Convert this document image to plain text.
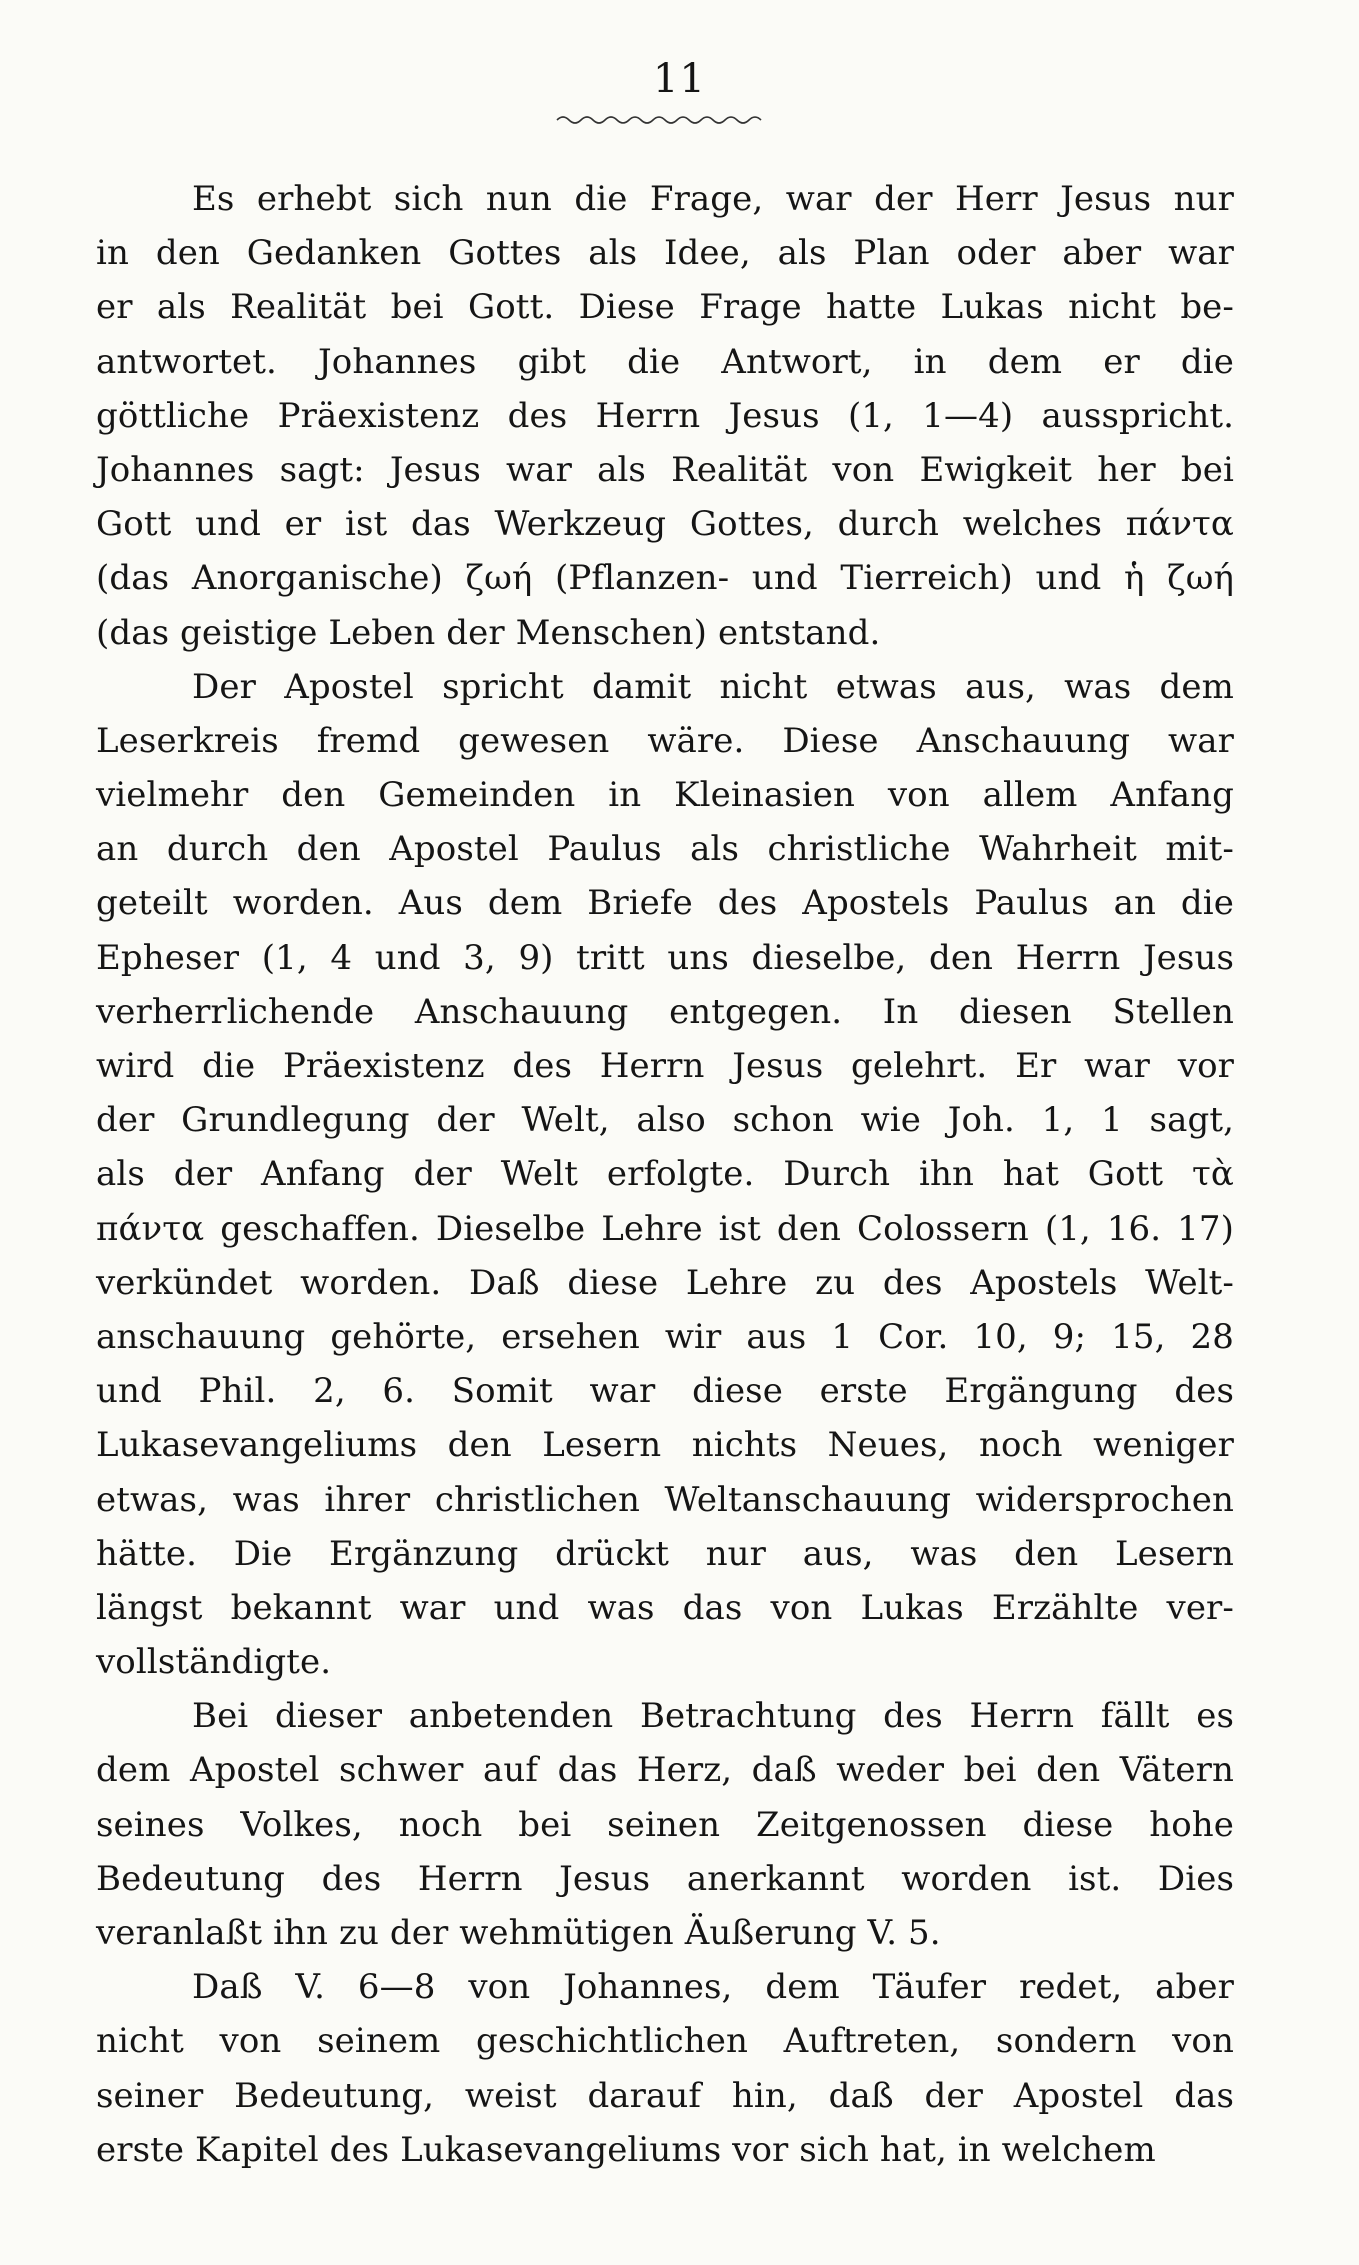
11
Es erhebt sich nun die Frage, war der Herr Jesus nur
in den Gedanken Gottes als Idee, als Plan oder aber war
er als Realität bei Gott. Diese Frage hatte Lukas nicht be-
antwortet. Johannes gibt die Antwort, in dem er die
göttliche Präexistenz des Herrn Jesus (1, 1—4) ausspricht.
Johannes sagt: Jesus war als Realität von Ewigkeit her bei
Gott und er ist das Werkzeug Gottes, durch welches πάντα
(das Anorganische) ζωή (Pflanzen- und Tierreich) und ἡ ζωή
(das geistige Leben der Menschen) entstand.
Der Apostel spricht damit nicht etwas aus, was dem
Leserkreis fremd gewesen wäre. Diese Anschauung war
vielmehr den Gemeinden in Kleinasien von allem Anfang
an durch den Apostel Paulus als christliche Wahrheit mit-
geteilt worden. Aus dem Briefe des Apostels Paulus an die
Epheser (1, 4 und 3, 9) tritt uns dieselbe, den Herrn Jesus
verherrlichende Anschauung entgegen. In diesen Stellen
wird die Präexistenz des Herrn Jesus gelehrt. Er war vor
der Grundlegung der Welt, also schon wie Joh. 1, 1 sagt,
als der Anfang der Welt erfolgte. Durch ihn hat Gott τὰ
πάντα geschaffen. Dieselbe Lehre ist den Colossern (1, 16. 17)
verkündet worden. Daß diese Lehre zu des Apostels Welt-
anschauung gehörte, ersehen wir aus 1 Cor. 10, 9; 15, 28
und Phil. 2, 6. Somit war diese erste Ergängung des
Lukasevangeliums den Lesern nichts Neues, noch weniger
etwas, was ihrer christlichen Weltanschauung widersprochen
hätte. Die Ergänzung drückt nur aus, was den Lesern
längst bekannt war und was das von Lukas Erzählte ver-
vollständigte.
Bei dieser anbetenden Betrachtung des Herrn fällt es
dem Apostel schwer auf das Herz, daß weder bei den Vätern
seines Volkes, noch bei seinen Zeitgenossen diese hohe
Bedeutung des Herrn Jesus anerkannt worden ist. Dies
veranlaßt ihn zu der wehmütigen Äußerung V. 5.
Daß V. 6—8 von Johannes, dem Täufer redet, aber
nicht von seinem geschichtlichen Auftreten, sondern von
seiner Bedeutung, weist darauf hin, daß der Apostel das
erste Kapitel des Lukasevangeliums vor sich hat, in welchem
